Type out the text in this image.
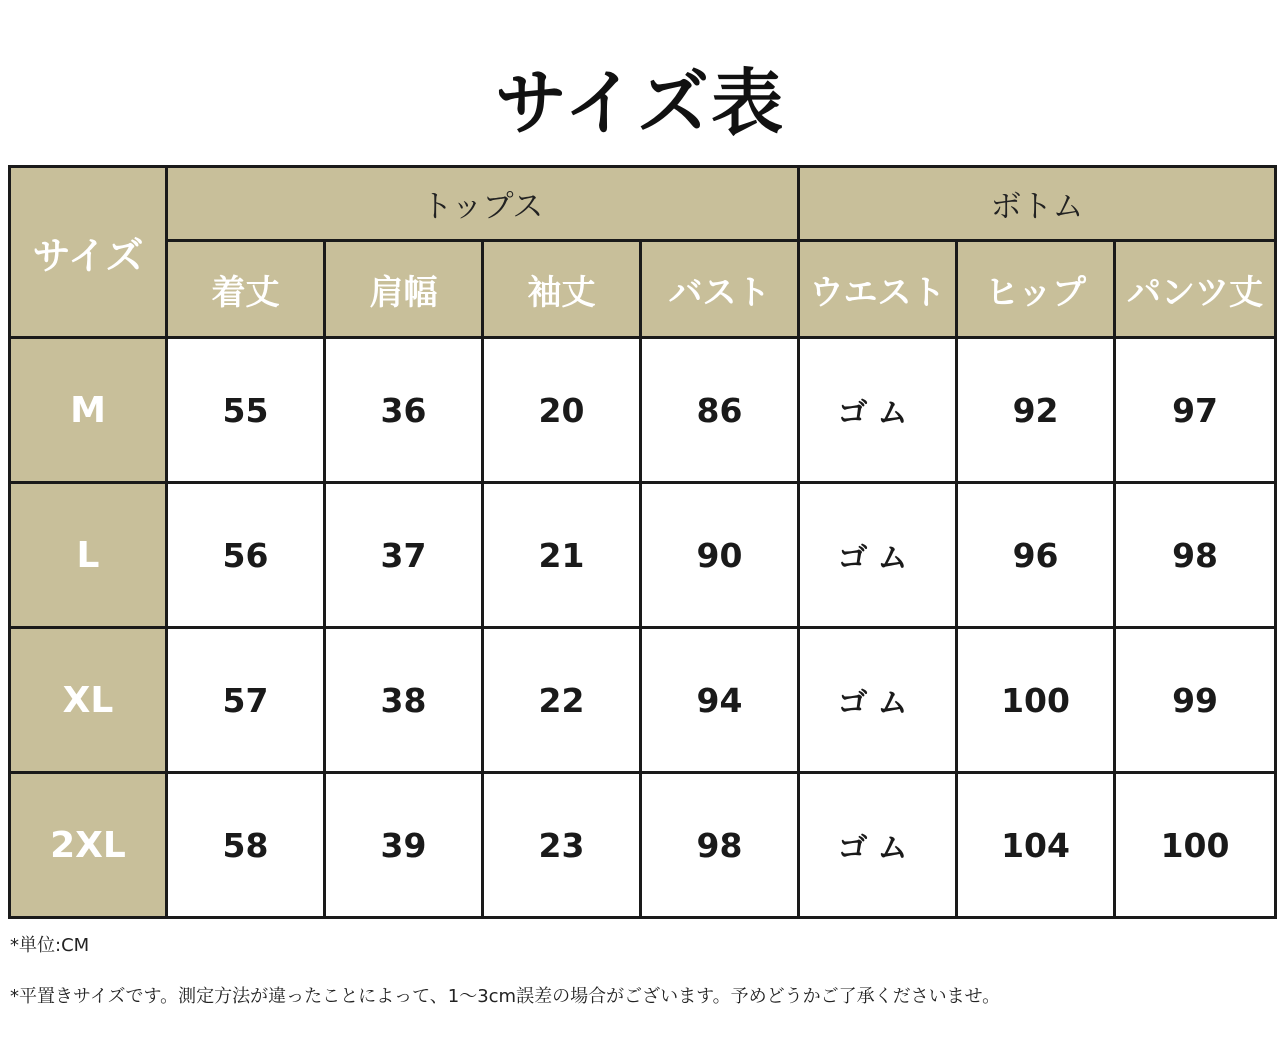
サイズ表
サイズ	トップス				ボトム		
	着丈	肩幅	袖丈	バスト	ウエスト	ヒップ	パンツ丈
M	55	36	20	86	ゴム	92	97
L	56	37	21	90	ゴム	96	98
XL	57	38	22	94	ゴム	100	99
2XL	58	39	23	98	ゴム	104	100
*単位:CM
*平置きサイズです。測定方法が違ったことによって、1〜3cm誤差の場合がございます。予めどうかご了承くださいませ。
